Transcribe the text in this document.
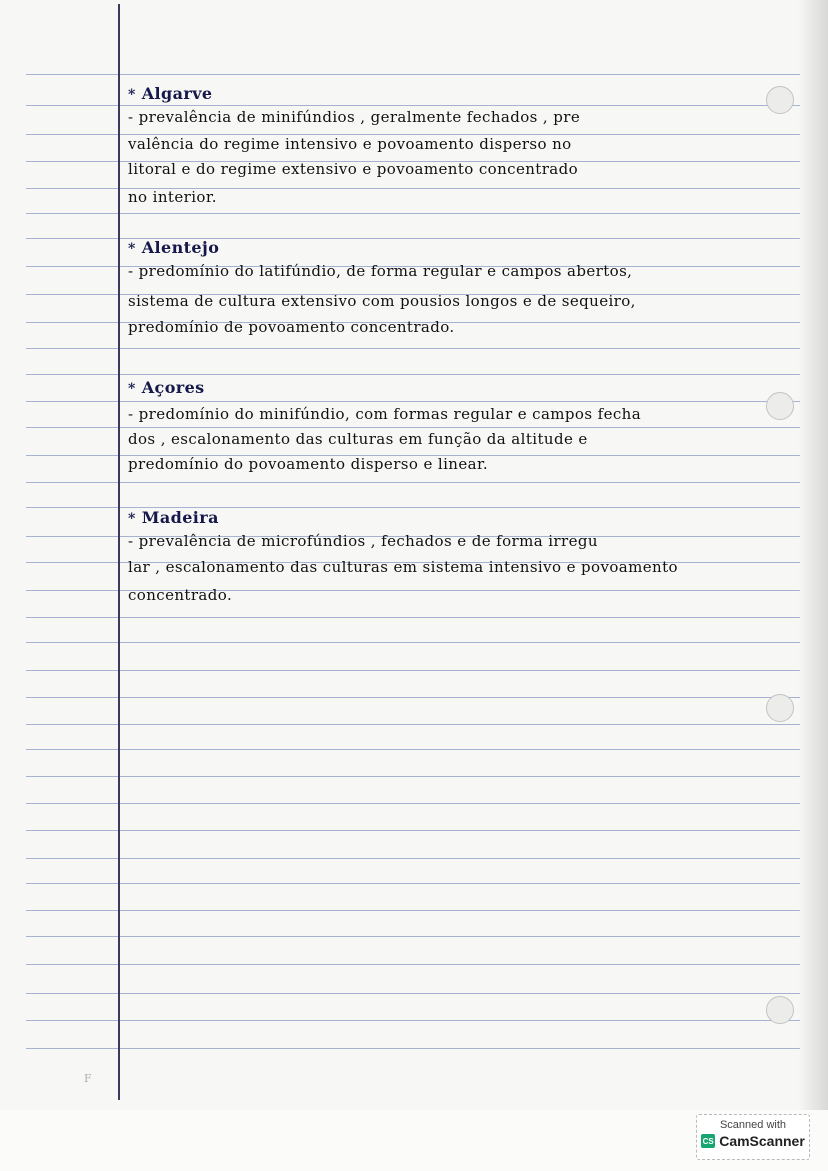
* Algarve
- prevalência de minifúndios , geralmente fechados , pre
valência do regime intensivo e povoamento disperso no
litoral e do regime extensivo e povoamento concentrado
no interior.
* Alentejo
- predomínio do latifúndio, de forma regular e campos abertos,
sistema de cultura extensivo com pousios longos e de sequeiro,
predomínio de povoamento concentrado.
* Açores
- predomínio do minifúndio, com formas regular e campos fecha
dos , escalonamento das culturas em função da altitude e
predomínio do povoamento disperso e linear.
* Madeira
- prevalência de microfúndios , fechados e de forma irregu
lar , escalonamento das culturas em sistema intensivo e povoamento
concentrado.
F
Scanned with
CS CamScanner
